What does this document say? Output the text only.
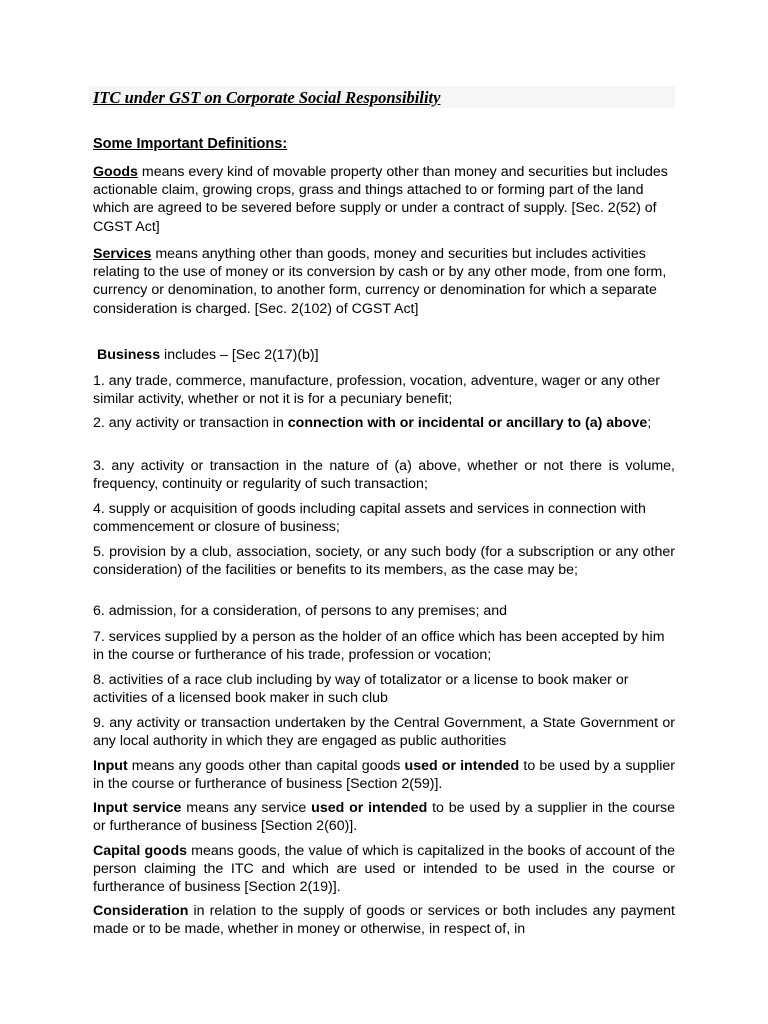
ITC under GST on Corporate Social Responsibility
Some Important Definitions:
Goods means every kind of movable property other than money and securities but includes actionable claim, growing crops, grass and things attached to or forming part of the land which are agreed to be severed before supply or under a contract of supply. [Sec. 2(52) of CGST Act]
Services means anything other than goods, money and securities but includes activities relating to the use of money or its conversion by cash or by any other mode, from one form, currency or denomination, to another form, currency or denomination for which a separate consideration is charged. [Sec. 2(102) of CGST Act]
Business includes – [Sec 2(17)(b)]
1. any trade, commerce, manufacture, profession, vocation, adventure, wager or any other similar activity, whether or not it is for a pecuniary benefit;
2. any activity or transaction in connection with or incidental or ancillary to (a) above;
3. any activity or transaction in the nature of (a) above, whether or not there is volume, frequency, continuity or regularity of such transaction;
4. supply or acquisition of goods including capital assets and services in connection with commencement or closure of business;
5. provision by a club, association, society, or any such body (for a subscription or any other consideration) of the facilities or benefits to its members, as the case may be;
6. admission, for a consideration, of persons to any premises; and
7. services supplied by a person as the holder of an office which has been accepted by him in the course or furtherance of his trade, profession or vocation;
8. activities of a race club including by way of totalizator or a license to book maker or activities of a licensed book maker in such club
9. any activity or transaction undertaken by the Central Government, a State Government or any local authority in which they are engaged as public authorities
Input means any goods other than capital goods used or intended to be used by a supplier in the course or furtherance of business [Section 2(59)].
Input service means any service used or intended to be used by a supplier in the course or furtherance of business [Section 2(60)].
Capital goods means goods, the value of which is capitalized in the books of account of the person claiming the ITC and which are used or intended to be used in the course or furtherance of business [Section 2(19)].
Consideration in relation to the supply of goods or services or both includes any payment made or to be made, whether in money or otherwise, in respect of, in
